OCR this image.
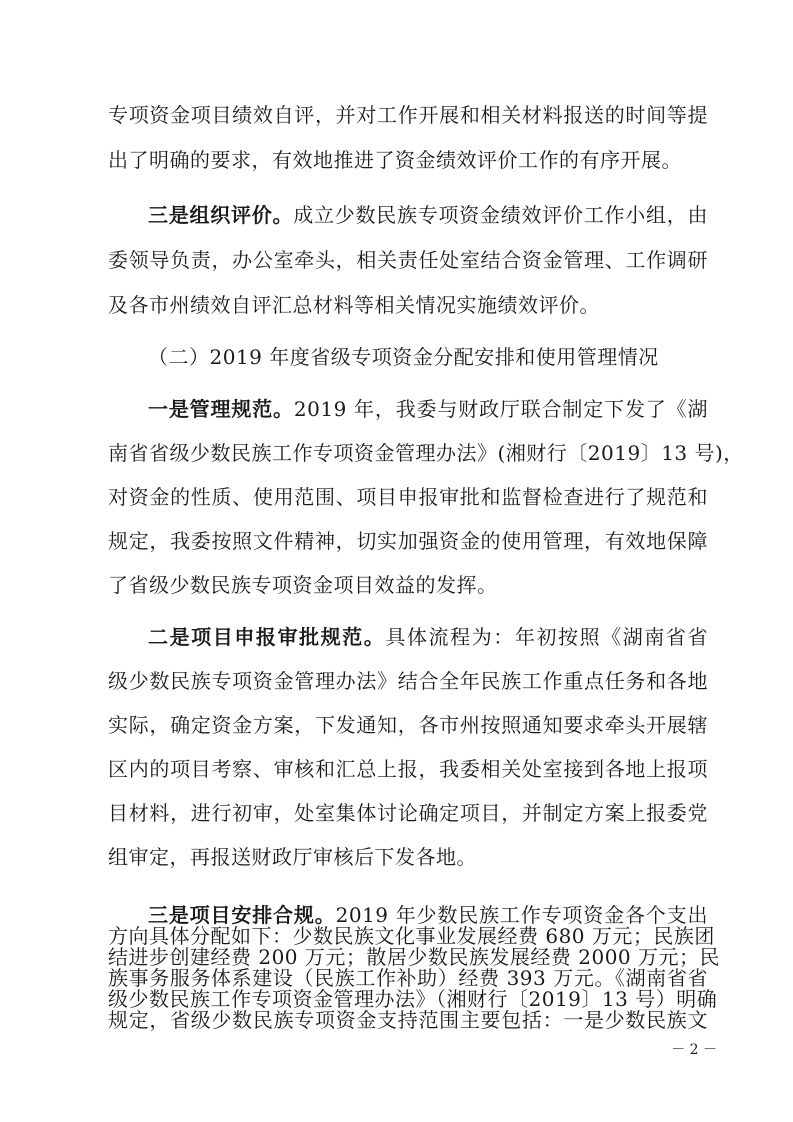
专项资金项目绩效自评，并对工作开展和相关材料报送的时间等提
出了明确的要求，有效地推进了资金绩效评价工作的有序开展。
三是组织评价。成立少数民族专项资金绩效评价工作小组，由
委领导负责，办公室牵头，相关责任处室结合资金管理、工作调研
及各市州绩效自评汇总材料等相关情况实施绩效评价。
（二）2019 年度省级专项资金分配安排和使用管理情况
一是管理规范。2019 年，我委与财政厅联合制定下发了《湖
南省省级少数民族工作专项资金管理办法》(湘财行〔2019〕13 号)，
对资金的性质、使用范围、项目申报审批和监督检查进行了规范和
规定，我委按照文件精神，切实加强资金的使用管理，有效地保障
了省级少数民族专项资金项目效益的发挥。
二是项目申报审批规范。具体流程为：年初按照《湖南省省
级少数民族专项资金管理办法》结合全年民族工作重点任务和各地
实际，确定资金方案，下发通知，各市州按照通知要求牵头开展辖
区内的项目考察、审核和汇总上报，我委相关处室接到各地上报项
目材料，进行初审，处室集体讨论确定项目，并制定方案上报委党
组审定，再报送财政厅审核后下发各地。
三是项目安排合规。2019 年少数民族工作专项资金各个支出
方向具体分配如下：少数民族文化事业发展经费 680 万元；民族团
结进步创建经费 200 万元；散居少数民族发展经费 2000 万元；民
族事务服务体系建设（民族工作补助）经费 393 万元。《湖南省省
级少数民族工作专项资金管理办法》（湘财行〔2019〕13 号）明确
规定，省级少数民族专项资金支持范围主要包括：一是少数民族文
－ 2 －
